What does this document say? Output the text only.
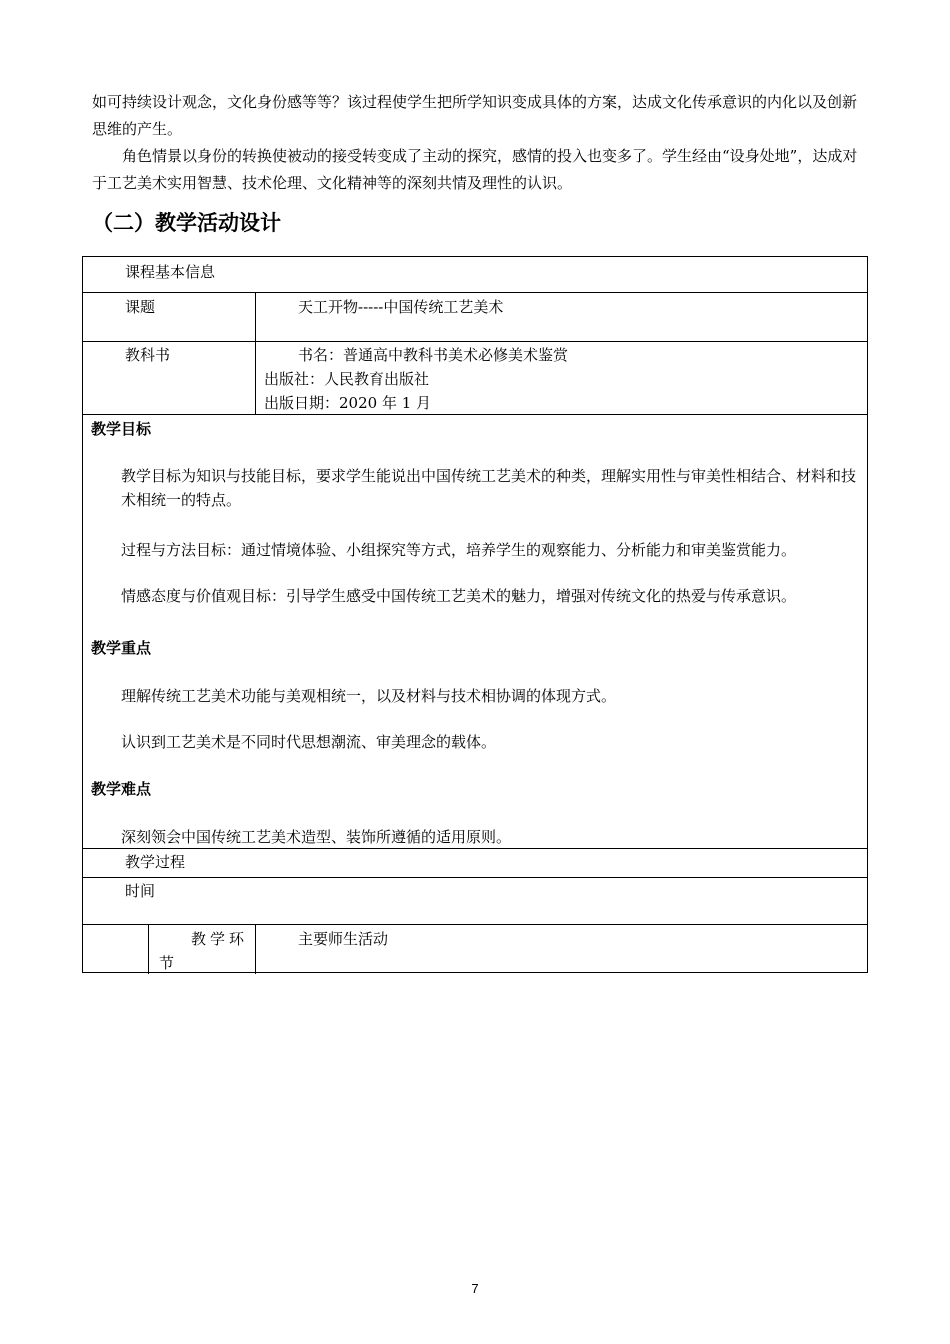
如可持续设计观念，文化身份感等等？该过程使学生把所学知识变成具体的方案，达成文化传承意识的内化以及创新思维的产生。

角色情景以身份的转换使被动的接受转变成了主动的探究，感情的投入也变多了。学生经由“设身处地”，达成对于工艺美术实用智慧、技术伦理、文化精神等的深刻共情及理性的认识。

（二）教学活动设计
课程基本信息
课题	天工开物-----中国传统工艺美术
教科书	书名：普通高中教科书美术必修美术鉴赏
出版社：人民教育出版社
出版日期：2020 年 1 月
教学目标
教学目标为知识与技能目标，要求学生能说出中国传统工艺美术的种类，理解实用性与审美性相结合、材料和技术相统一的特点。
过程与方法目标：通过情境体验、小组探究等方式，培养学生的观察能力、分析能力和审美鉴赏能力。
情感态度与价值观目标：引导学生感受中国传统工艺美术的魅力，增强对传统文化的热爱与传承意识。
教学重点
理解传统工艺美术功能与美观相统一，以及材料与技术相协调的体现方式。
认识到工艺美术是不同时代思想潮流、审美理念的载体。
教学难点
深刻领会中国传统工艺美术造型、装饰所遵循的适用原则。
教学过程
时间
教学环
节
主要师生活动
7
